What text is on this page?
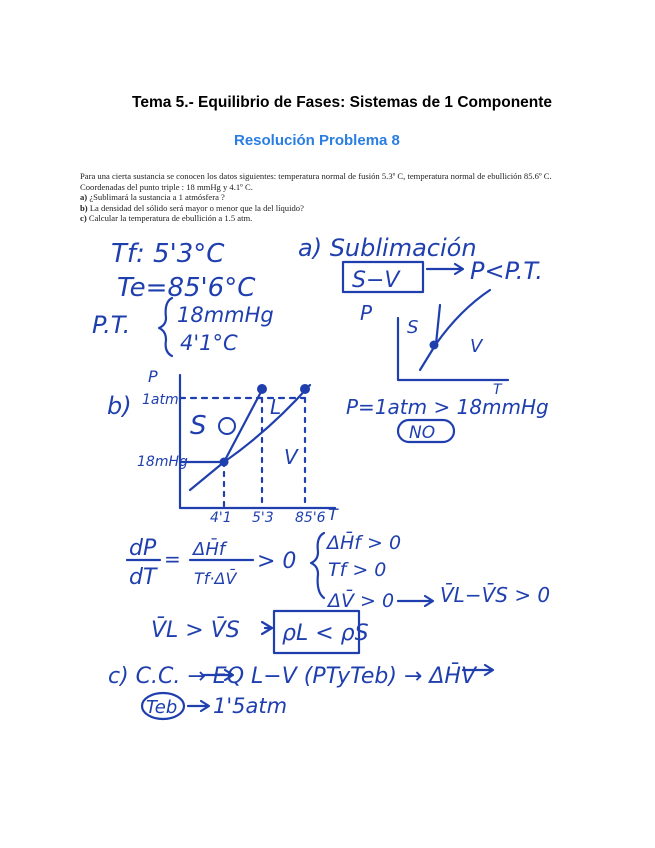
Tema 5.- Equilibrio de Fases: Sistemas de 1 Componente
Resolución Problema 8

Para una cierta sustancia se conocen los datos siguientes: temperatura normal de fusión 5.3º C, temperatura normal de ebullición 85.6º C. Coordenadas del punto triple : 18 mmHg y 4.1º C.

a) ¿Sublimará la sustancia a 1 atmósfera ?

b) La densidad del sólido será mayor o menor que la del líquido?

c) Calcular la temperatura de ebullición a 1.5 atm.

Tf: 5'3°C
Te=85'6°C
P.T. 18mmHg
4'1°C
a) Sublimación
S−V	P<P.T.
P
T
S
V
P=1atm > 18mmHg
NO
b)
P
1atm
18mHg
S
L
V
4'1 5'3 85'6 T
dP
dT
= ΔH̄f
Tf·ΔV̄
> 0
ΔH̄f > 0
Tf > 0
ΔV̄ > 0 V̄L−V̄S > 0
V̄L > V̄S ρL < ρS
c) C.C. → EQ L−V (PTyTeb) → ΔH̄V
Teb 1'5atm
